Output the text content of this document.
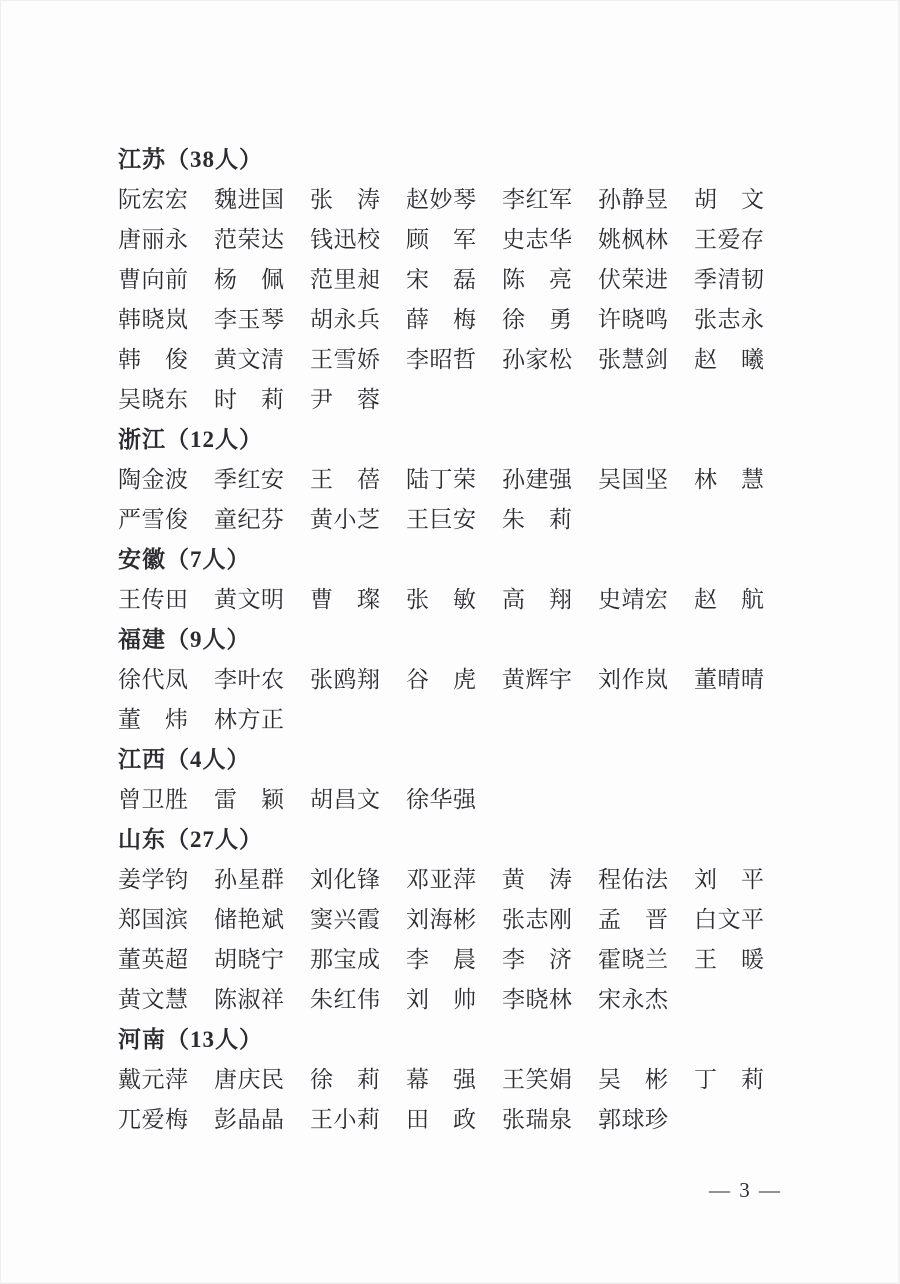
江苏（38人）
阮宏宏 魏进国 张　涛 赵妙琴 李红军 孙静昱 胡　文
唐丽永 范荣达 钱迅校 顾　军 史志华 姚枫林 王爱存
曹向前 杨　佩 范里昶 宋　磊 陈　亮 伏荣进 季清韧
韩晓岚 李玉琴 胡永兵 薛　梅 徐　勇 许晓鸣 张志永
韩　俊 黄文清 王雪娇 李昭哲 孙家松 张慧剑 赵　曦
吴晓东 时　莉 尹　蓉
浙江（12人）
陶金波 季红安 王　蓓 陆丁荣 孙建强 吴国坚 林　慧
严雪俊 童纪芬 黄小芝 王巨安 朱　莉
安徽（7人）
王传田 黄文明 曹　璨 张　敏 高　翔 史靖宏 赵　航
福建（9人）
徐代凤 李叶农 张鸥翔 谷　虎 黄辉宇 刘作岚 董晴晴
董　炜 林方正
江西（4人）
曾卫胜 雷　颖 胡昌文 徐华强
山东（27人）
姜学钧 孙星群 刘化锋 邓亚萍 黄　涛 程佑法 刘　平
郑国滨 储艳斌 窦兴霞 刘海彬 张志刚 孟　晋 白文平
董英超 胡晓宁 那宝成 李　晨 李　济 霍晓兰 王　暖
黄文慧 陈淑祥 朱红伟 刘　帅 李晓林 宋永杰
河南（13人）
戴元萍 唐庆民 徐　莉 幕　强 王笑娟 吴　彬 丁　莉
兀爱梅 彭晶晶 王小莉 田　政 张瑞泉 郭球珍
— 3 —
